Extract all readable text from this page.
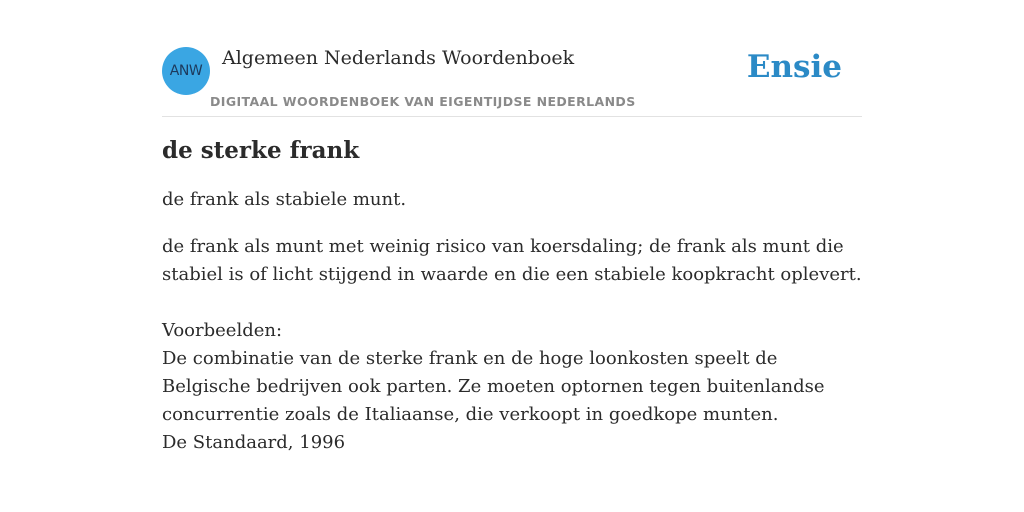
ANW
Algemeen Nederlands Woordenboek
DIGITAAL WOORDENBOEK VAN EIGENTIJDSE NEDERLANDS
Ensie
de sterke frank

de frank als stabiele munt.

de frank als munt met weinig risico van koersdaling; de frank als munt die stabiel is of licht stijgend in waarde en die een stabiele koopkracht oplevert.

Voorbeelden:

De combinatie van de sterke frank en de hoge loonkosten speelt de Belgische bedrijven ook parten. Ze moeten optornen tegen buitenlandse concurrentie zoals de Italiaanse, die verkoopt in goedkope munten.

De Standaard, 1996
